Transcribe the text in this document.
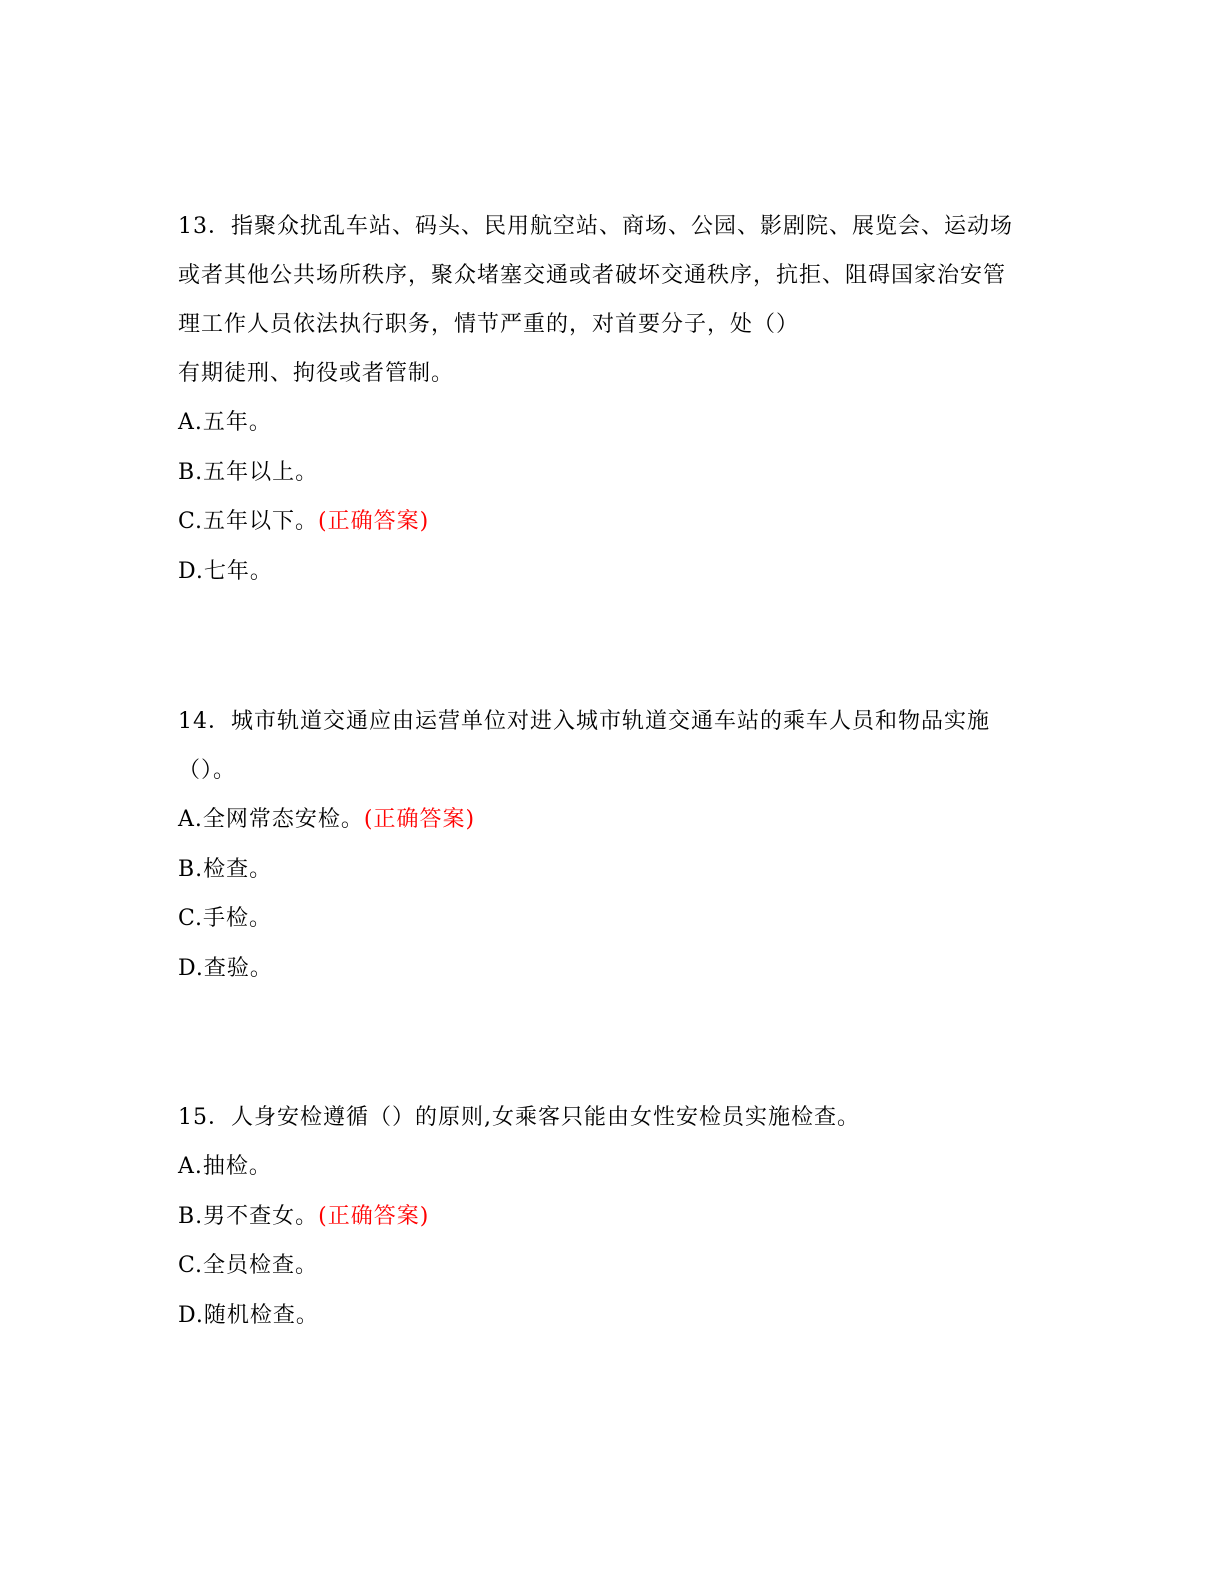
13．指聚众扰乱车站、码头、民用航空站、商场、公园、影剧院、展览会、运动场
或者其他公共场所秩序，聚众堵塞交通或者破坏交通秩序，抗拒、阻碍国家治安管
理工作人员依法执行职务，情节严重的，对首要分子，处（）
有期徒刑、拘役或者管制。

A.五年。

B.五年以上。

C.五年以下。(正确答案)

D.七年。

14．城市轨道交通应由运营单位对进入城市轨道交通车站的乘车人员和物品实施
（）。

A.全网常态安检。(正确答案)

B.检查。

C.手检。

D.查验。

15．人身安检遵循（）的原则,女乘客只能由女性安检员实施检查。

A.抽检。

B.男不查女。(正确答案)

C.全员检查。

D.随机检查。
